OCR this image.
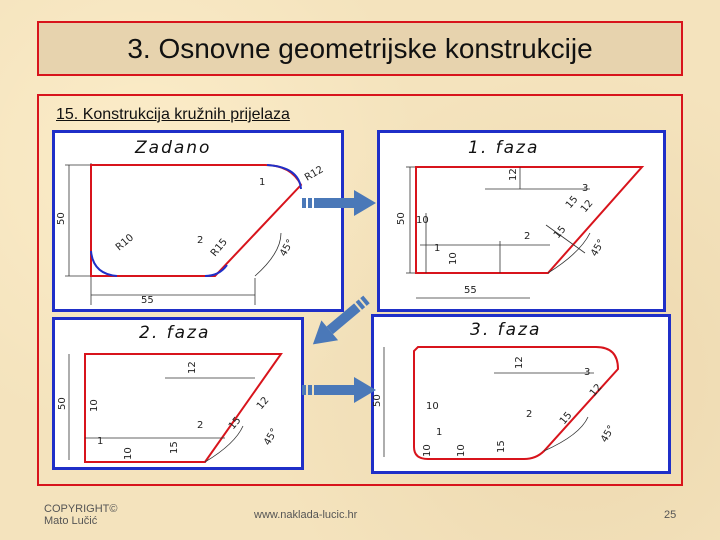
3. Osnovne geometrijske konstrukcije
15. Konstrukcija kružnih prijelaza
Zadano
50
55
R12
R10	R15
2
1
45°
1. faza
50
12
15
12
15
10
10
1
2
3
55
45°
2. faza
50
12
12
15
10
10	15
1
2
45°
3. faza
50
12
12
15
15
10
10 10
1
2
3
45°
COPYRIGHT©
Mato Lučić	www.naklada-lucic.hr	25
